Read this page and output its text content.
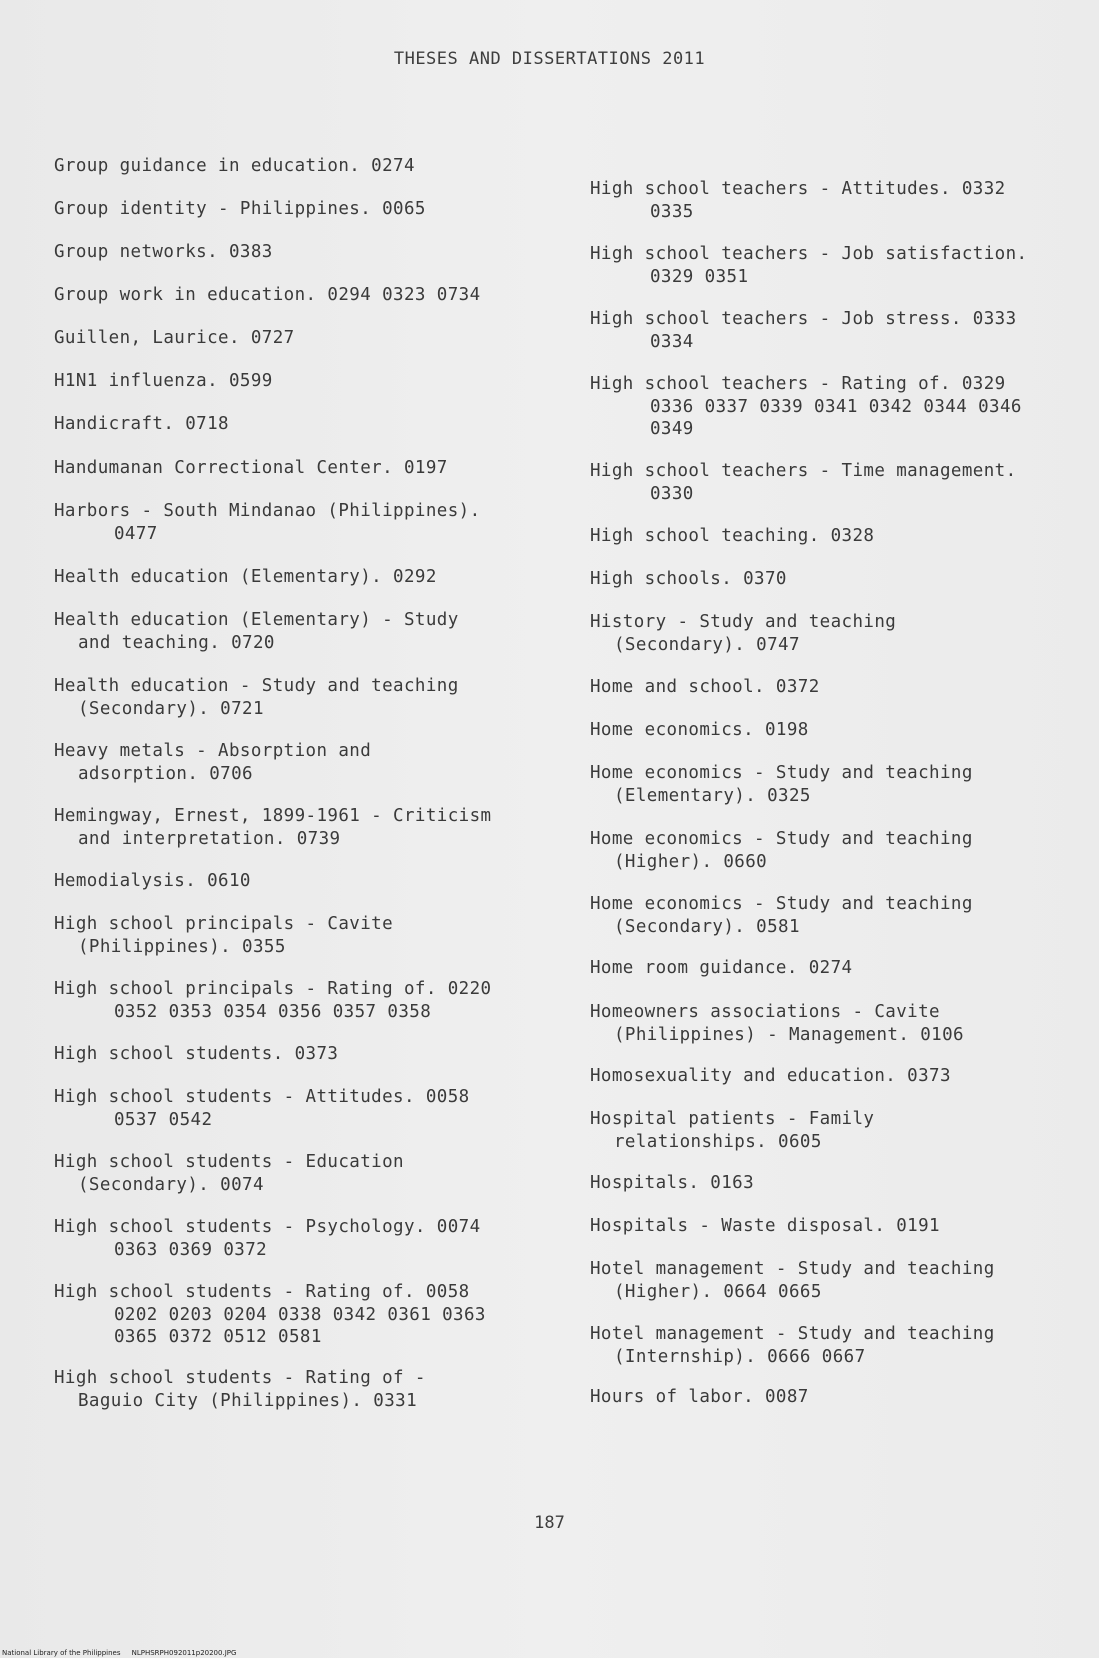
THESES AND DISSERTATIONS 2011
Group guidance in education. 0274
Group identity - Philippines. 0065
Group networks. 0383
Group work in education. 0294 0323 0734
Guillen, Laurice. 0727
H1N1 influenza. 0599
Handicraft. 0718
Handumanan Correctional Center. 0197
Harbors - South Mindanao (Philippines).
0477
Health education (Elementary). 0292
Health education (Elementary) - Study
and teaching. 0720
Health education - Study and teaching
(Secondary). 0721
Heavy metals - Absorption and
adsorption. 0706
Hemingway, Ernest, 1899-1961 - Criticism
and interpretation. 0739
Hemodialysis. 0610
High school principals - Cavite
(Philippines). 0355
High school principals - Rating of. 0220
0352 0353 0354 0356 0357 0358
High school students. 0373
High school students - Attitudes. 0058
0537 0542
High school students - Education
(Secondary). 0074
High school students - Psychology. 0074
0363 0369 0372
High school students - Rating of. 0058
0202 0203 0204 0338 0342 0361 0363
0365 0372 0512 0581
High school students - Rating of -
Baguio City (Philippines). 0331
High school teachers - Attitudes. 0332
0335
High school teachers - Job satisfaction.
0329 0351
High school teachers - Job stress. 0333
0334
High school teachers - Rating of. 0329
0336 0337 0339 0341 0342 0344 0346
0349
High school teachers - Time management.
0330
High school teaching. 0328
High schools. 0370
History - Study and teaching
(Secondary). 0747
Home and school. 0372
Home economics. 0198
Home economics - Study and teaching
(Elementary). 0325
Home economics - Study and teaching
(Higher). 0660
Home economics - Study and teaching
(Secondary). 0581
Home room guidance. 0274
Homeowners associations - Cavite
(Philippines) - Management. 0106
Homosexuality and education. 0373
Hospital patients - Family
relationships. 0605
Hospitals. 0163
Hospitals - Waste disposal. 0191
Hotel management - Study and teaching
(Higher). 0664 0665
Hotel management - Study and teaching
(Internship). 0666 0667
Hours of labor. 0087
187
National Library of the Philippines     NLPHSRPH092011p20200.JPG
